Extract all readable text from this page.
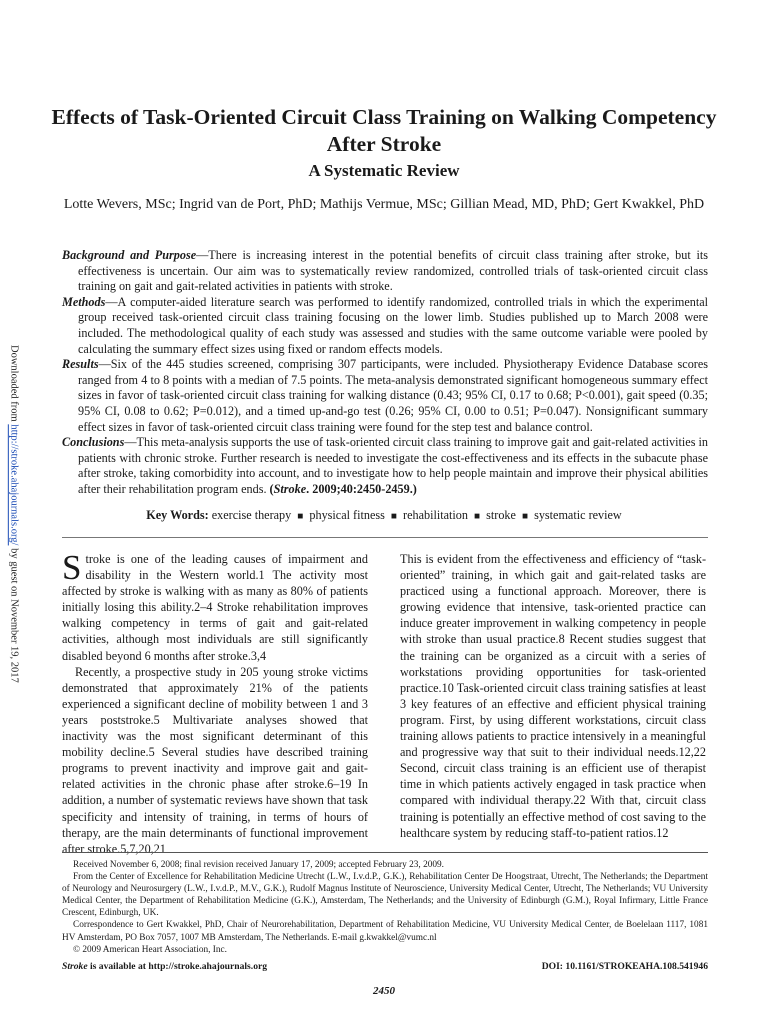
Downloaded from http://stroke.ahajournals.org/ by guest on November 19, 2017
Effects of Task-Oriented Circuit Class Training on Walking Competency After Stroke
A Systematic Review

Lotte Wevers, MSc; Ingrid van de Port, PhD; Mathijs Vermue, MSc; Gillian Mead, MD, PhD; Gert Kwakkel, PhD

Background and Purpose—There is increasing interest in the potential benefits of circuit class training after stroke, but its effectiveness is uncertain. Our aim was to systematically review randomized, controlled trials of task-oriented circuit class training on gait and gait-related activities in patients with stroke.

Methods—A computer-aided literature search was performed to identify randomized, controlled trials in which the experimental group received task-oriented circuit class training focusing on the lower limb. Studies published up to March 2008 were included. The methodological quality of each study was assessed and studies with the same outcome variable were pooled by calculating the summary effect sizes using fixed or random effects models.

Results—Six of the 445 studies screened, comprising 307 participants, were included. Physiotherapy Evidence Database scores ranged from 4 to 8 points with a median of 7.5 points. The meta-analysis demonstrated significant homogeneous summary effect sizes in favor of task-oriented circuit class training for walking distance (0.43; 95% CI, 0.17 to 0.68; P<0.001), gait speed (0.35; 95% CI, 0.08 to 0.62; P=0.012), and a timed up-and-go test (0.26; 95% CI, 0.00 to 0.51; P=0.047). Nonsignificant summary effect sizes in favor of task-oriented circuit class training were found for the step test and balance control.

Conclusions—This meta-analysis supports the use of task-oriented circuit class training to improve gait and gait-related activities in patients with chronic stroke. Further research is needed to investigate the cost-effectiveness and its effects in the subacute phase after stroke, taking comorbidity into account, and to investigate how to help people maintain and improve their physical abilities after their rehabilitation program ends. (Stroke. 2009;40:2450-2459.)

Key Words: exercise therapy ■ physical fitness ■ rehabilitation ■ stroke ■ systematic review

Stroke is one of the leading causes of impairment and disability in the Western world.1 The activity most affected by stroke is walking with as many as 80% of patients initially losing this ability.2–4 Stroke rehabilitation improves walking competency in terms of gait and gait-related activities, although most individuals are still significantly disabled beyond 6 months after stroke.3,4

Recently, a prospective study in 205 young stroke victims demonstrated that approximately 21% of the patients experienced a significant decline of mobility between 1 and 3 years poststroke.5 Multivariate analyses showed that inactivity was the most significant determinant of this mobility decline.5 Several studies have described training programs to prevent inactivity and improve gait and gait-related activities in the chronic phase after stroke.6–19 In addition, a number of systematic reviews have shown that task specificity and intensity of training, in terms of hours of therapy, are the main determinants of functional improvement after stroke.5,7,20,21

This is evident from the effectiveness and efficiency of “task-oriented” training, in which gait and gait-related tasks are practiced using a functional approach. Moreover, there is growing evidence that intensive, task-oriented practice can induce greater improvement in walking competency in people with stroke than usual practice.8 Recent studies suggest that the training can be organized as a circuit with a series of workstations providing opportunities for task-oriented practice.10 Task-oriented circuit class training satisfies at least 3 key features of an effective and efficient physical training program. First, by using different workstations, circuit class training allows patients to practice intensively in a meaningful and progressive way that suit to their individual needs.12,22 Second, circuit class training is an efficient use of therapist time in which patients actively engaged in task practice when compared with individual therapy.22 With that, circuit class training is potentially an effective method of cost saving to the healthcare system by reducing staff-to-patient ratios.12

Received November 6, 2008; final revision received January 17, 2009; accepted February 23, 2009.

From the Center of Excellence for Rehabilitation Medicine Utrecht (L.W., I.v.d.P., G.K.), Rehabilitation Center De Hoogstraat, Utrecht, The Netherlands; the Department of Neurology and Neurosurgery (L.W., I.v.d.P., M.V., G.K.), Rudolf Magnus Institute of Neuroscience, University Medical Center, Utrecht, The Netherlands; VU University Medical Center, the Department of Rehabilitation Medicine (G.K.), Amsterdam, The Netherlands; and the University of Edinburgh (G.M.), Royal Infirmary, Little France Crescent, Edinburgh, UK.

Correspondence to Gert Kwakkel, PhD, Chair of Neurorehabilitation, Department of Rehabilitation Medicine, VU University Medical Center, de Boelelaan 1117, 1081 HV Amsterdam, PO Box 7057, 1007 MB Amsterdam, The Netherlands. E-mail g.kwakkel@vumc.nl

© 2009 American Heart Association, Inc.

Stroke is available at http://stroke.ahajournals.org	DOI: 10.1161/STROKEAHA.108.541946
2450
